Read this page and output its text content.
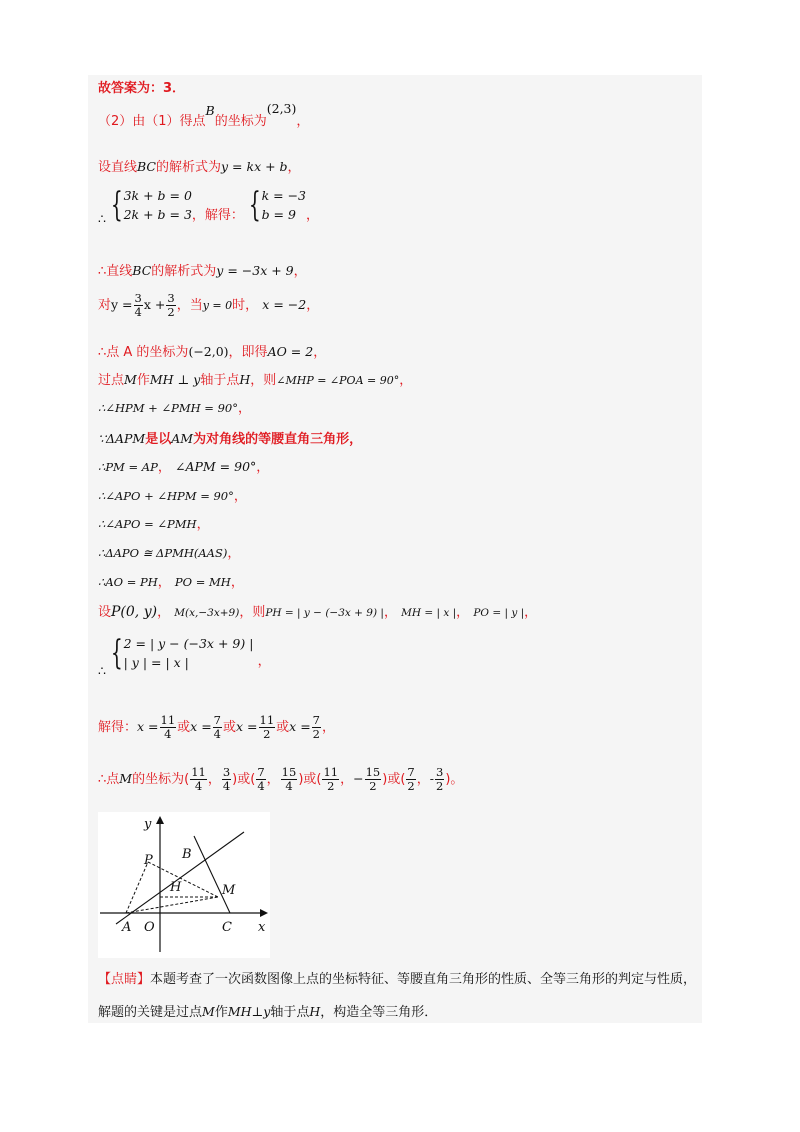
故答案为：3．
（2）由（1）得点B的坐标为(2,3)，
设直线BC的解析式为y = kx + b，
∴ { 3k + b = 0
2k + b = 3 ，解得： { k = −3
b = 9 ，
∴直线BC的解析式为y = −3x + 9，
对$y = \frac{3}{4}$ $x + \frac{3}{2}$ ，当y = 0时， x = −2，
∴点 A 的坐标为(−2,0)，即得AO = 2，
过点M作MH ⊥ y轴于点H，则∠MHP = ∠POA = 90°，
∴∠HPM + ∠PMH = 90°，
∵ΔAPM是以AM为对角线的等腰直角三角形，
∴PM = AP， ∠APM = 90°，
∴∠APO + ∠HPM = 90°，
∴∠APO = ∠PMH，
∴ΔAPO ≅ ΔPMH(AAS)，
∴AO = PH， PO = MH，
设P(0, y)， M(x,−3x+9)，则PH = | y − (−3x + 9) |， MH = | x |， PO = | y |，
∴ { 2 = | y − (−3x + 9) |
| y | = | x |	，
解得：$x = \frac{11}{4}$ 或$x = \frac{7}{4}$ 或$x = \frac{11}{2}$ 或$x = \frac{7}{2}$ ，
∴点M的坐标为( $\frac{11}{4}$ ， $\frac{3}{4}$ )或( $\frac{7}{4}$ ， $\frac{15}{4}$ )或( $\frac{11}{2}$ ，− $\frac{15}{2}$ )或( $\frac{7}{2}$ ，- $\frac{3}{2}$ )。
y
x
P B
H	M
A O	C
【点睛】本题考查了一次函数图像上点的坐标特征、等腰直角三角形的性质、全等三角形的判定与性质，解题的关键是过点M作MH⊥y轴于点H，构造全等三角形．
